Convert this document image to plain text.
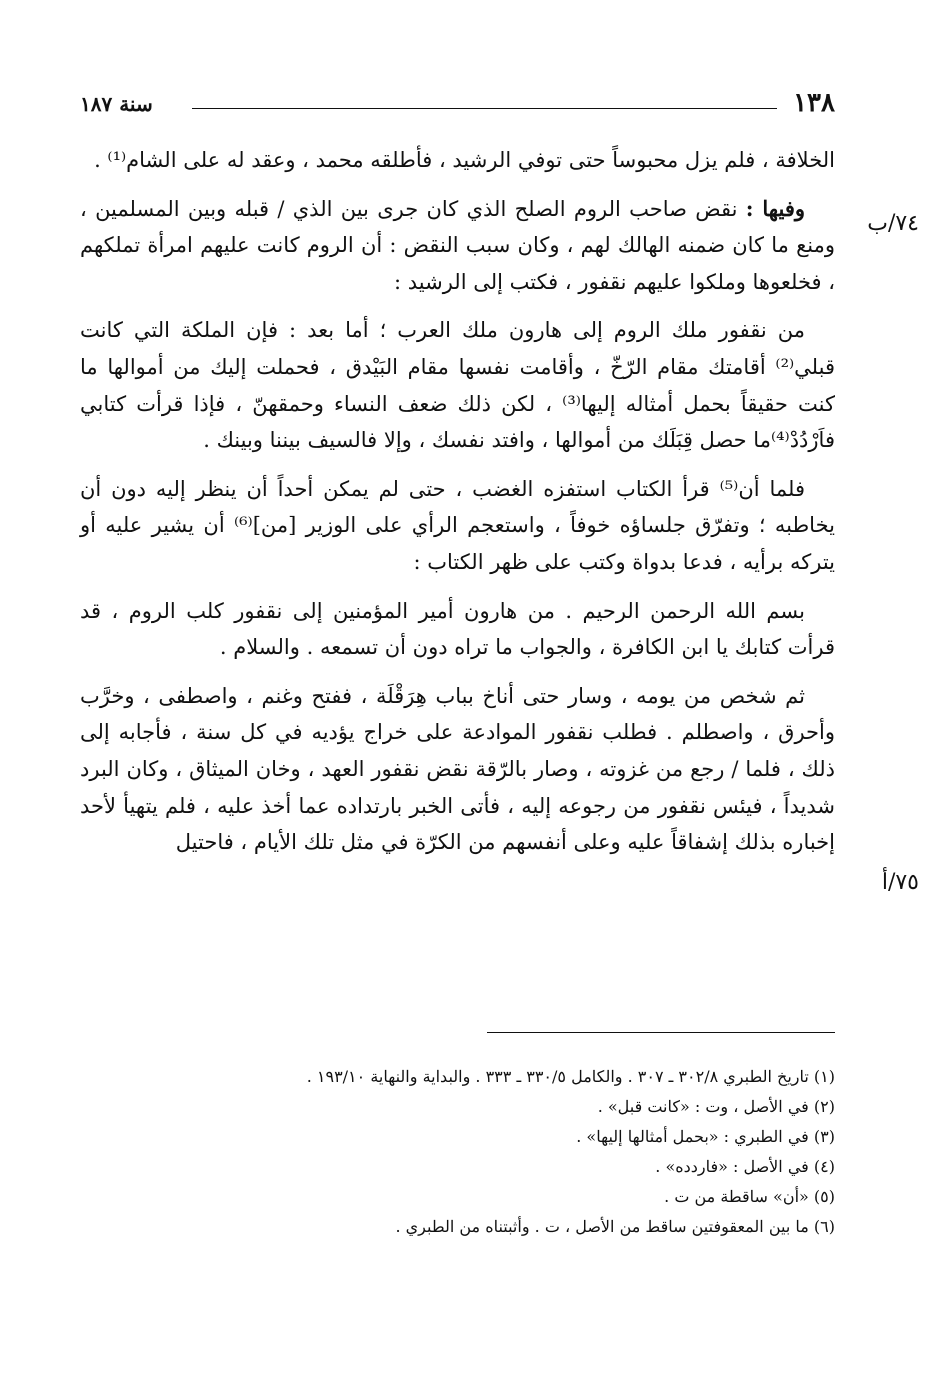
١٣٨
سنة ١٨٧
٧٤/ب
٧٥/أ

الخلافة ، فلم يزل محبوساً حتى توفي الرشيد ، فأطلقه محمد ، وعقد له على الشام⁽¹⁾ .

وفيها : نقض صاحب الروم الصلح الذي كان جرى بين الذي / قبله وبين المسلمين ، ومنع ما كان ضمنه الهالك لهم ، وكان سبب النقض : أن الروم كانت عليهم امرأة تملكهم ، فخلعوها وملكوا عليهم نقفور ، فكتب إلى الرشيد :

من نقفور ملك الروم إلى هارون ملك العرب ؛ أما بعد : فإن الملكة التي كانت قبلي⁽²⁾ أقامتك مقام الرّخّ ، وأقامت نفسها مقام البَيْدق ، فحملت إليك من أموالها ما كنت حقيقاً بحمل أمثاله إليها⁽³⁾ ، لكن ذلك ضعف النساء وحمقهنّ ، فإذا قرأت كتابي فاَرْدُدْ⁽⁴⁾ما حصل قِبَلَك من أموالها ، وافتد نفسك ، وإلا فالسيف بيننا وبينك .

فلما أن⁽⁵⁾ قرأ الكتاب استفزه الغضب ، حتى لم يمكن أحداً أن ينظر إليه دون أن يخاطبه ؛ وتفرّق جلساؤه خوفاً ، واستعجم الرأي على الوزير [من]⁽⁶⁾ أن يشير عليه أو يتركه برأيه ، فدعا بدواة وكتب على ظهر الكتاب :

بسم الله الرحمن الرحيم . من هارون أمير المؤمنين إلى نقفور كلب الروم ، قد قرأت كتابك يا ابن الكافرة ، والجواب ما تراه دون أن تسمعه . والسلام .

ثم شخص من يومه ، وسار حتى أناخ بباب هِرَقْلَة ، ففتح وغنم ، واصطفى ، وخرَّب وأحرق ، واصطلم . فطلب نقفور الموادعة على خراج يؤديه في كل سنة ، فأجابه إلى ذلك ، فلما / رجع من غزوته ، وصار بالرّقة نقض نقفور العهد ، وخان الميثاق ، وكان البرد شديداً ، فيئس نقفور من رجوعه إليه ، فأتى الخبر بارتداده عما أخذ عليه ، فلم يتهيأ لأحد إخباره بذلك إشفاقاً عليه وعلى أنفسهم من الكرّة في مثل تلك الأيام ، فاحتيل

(١) تاريخ الطبري ٣٠٢/٨ ـ ٣٠٧ . والكامل ٣٣٠/٥ ـ ٣٣٣ . والبداية والنهاية ١٩٣/١٠ .
(٢) في الأصل ، وت : «كانت قبل» .
(٣) في الطبري : «بحمل أمثالها إليها» .
(٤) في الأصل : «فاردده» .
(٥) «أن» ساقطة من ت .
(٦) ما بين المعقوفتين ساقط من الأصل ، ت . وأثبتناه من الطبري .
